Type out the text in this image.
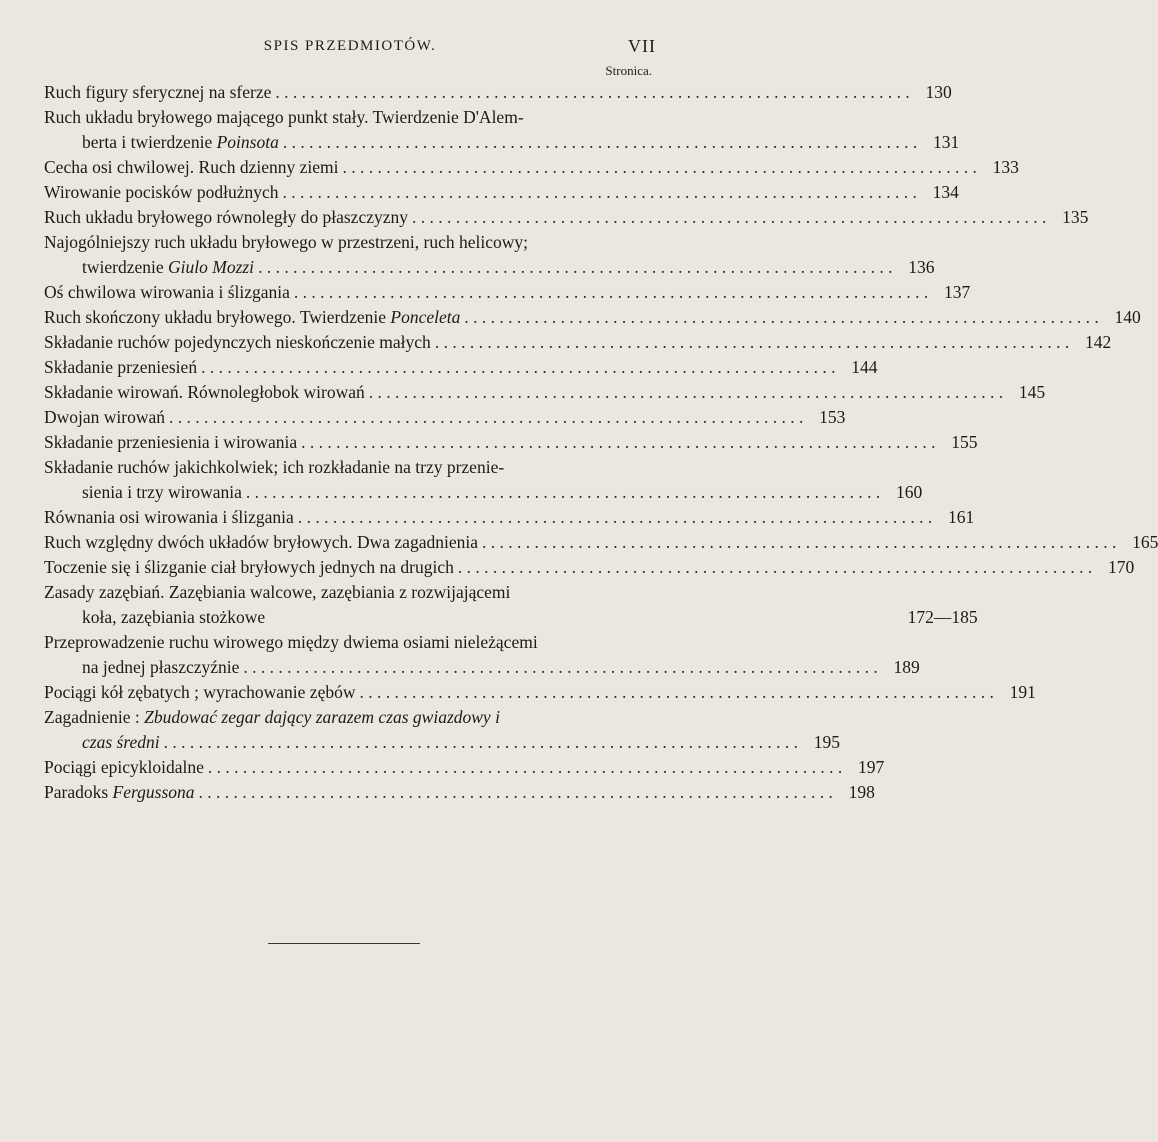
SPIS PRZEDMIOTÓW.	VII
Stronica.
Ruch figury sferycznej na sferze . . .	130
Ruch układu bryłowego mającego punkt stały. Twierdzenie D'Alem-
berta i twierdzenie Poinsota . . .	131
Cecha osi chwilowej. Ruch dzienny ziemi . . .	133
Wirowanie pocisków podłużnych . . .	134
Ruch układu bryłowego równoległy do płaszczyzny . . .	135
Najogólniejszy ruch układu bryłowego w przestrzeni, ruch helicowy;
twierdzenie Giulo Mozzi . . .	136
Oś chwilowa wirowania i ślizgania . . .	137
Ruch skończony układu bryłowego. Twierdzenie Ponceleta . . .	140
Składanie ruchów pojedynczych nieskończenie małych . . .	142
Składanie przeniesień . . .	144
Składanie wirowań. Równoległobok wirowań . . .	145
Dwojan wirowań . . .	153
Składanie przeniesienia i wirowania . . .	155
Składanie ruchów jakichkolwiek; ich rozkładanie na trzy przenie-
sienia i trzy wirowania . . .	160
Równania osi wirowania i ślizgania . . .	161
Ruch względny dwóch układów bryłowych. Dwa zagadnienia . . .	165
Toczenie się i ślizganie ciał bryłowych jednych na drugich . . .	170
Zasady zazębiań. Zazębiania walcowe, zazębiania z rozwijającemi
koła, zazębiania stożkowe	172—185
Przeprowadzenie ruchu wirowego między dwiema osiami nieleżącemi
na jednej płaszczyźnie . . .	189
Pociągi kół zębatych ; wyrachowanie zębów . . .	191
Zagadnienie : Zbudować zegar dający zarazem czas gwiazdowy i
czas średni . . .	195
Pociągi epicykloidalne . . .	197
Paradoks Fergussona . . .	198
